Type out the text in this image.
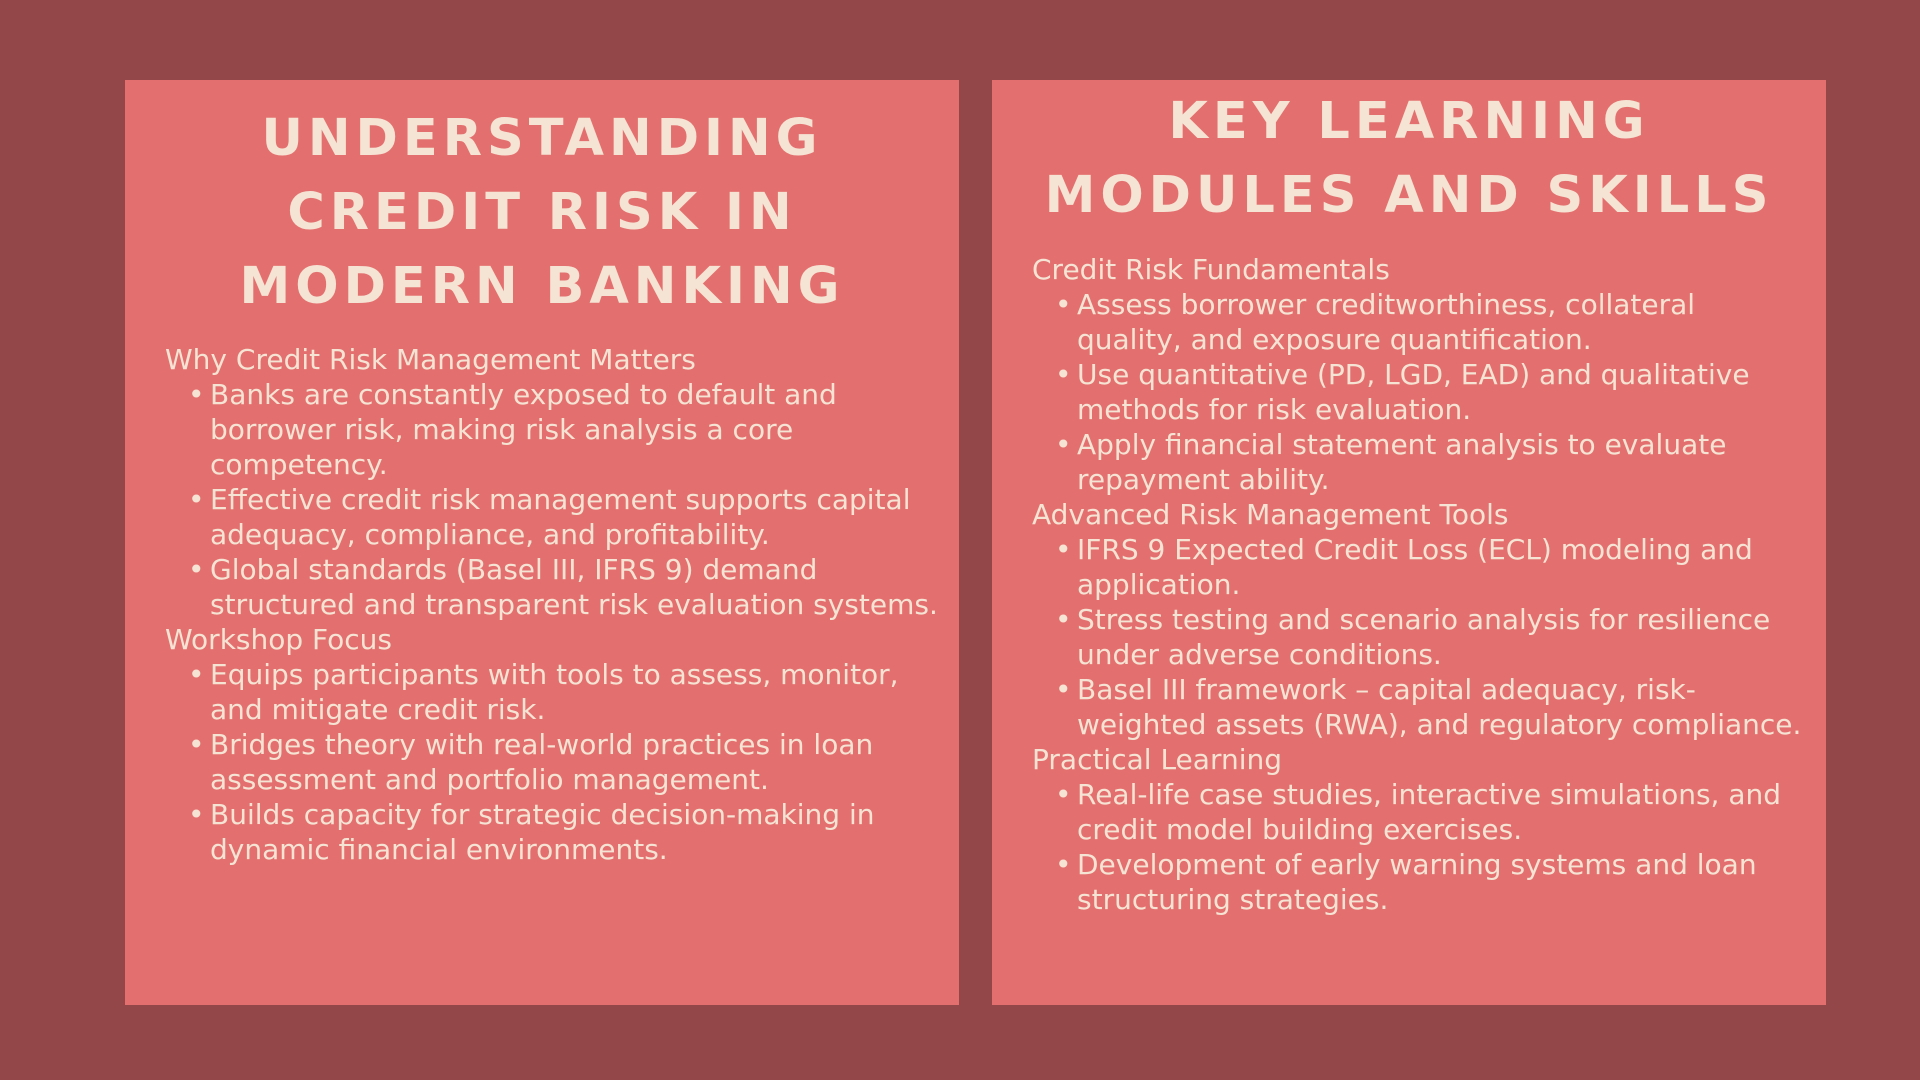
UNDERSTANDING CREDIT RISK IN MODERN BANKING
Why Credit Risk Management Matters
• Banks are constantly exposed to default and borrower risk, making risk analysis a core competency.
• Effective credit risk management supports capital adequacy, compliance, and profitability.
• Global standards (Basel III, IFRS 9) demand structured and transparent risk evaluation systems.
Workshop Focus
• Equips participants with tools to assess, monitor, and mitigate credit risk.
• Bridges theory with real-world practices in loan assessment and portfolio management.
• Builds capacity for strategic decision-making in dynamic financial environments.
KEY LEARNING MODULES AND SKILLS
Credit Risk Fundamentals
• Assess borrower creditworthiness, collateral quality, and exposure quantification.
• Use quantitative (PD, LGD, EAD) and qualitative methods for risk evaluation.
• Apply financial statement analysis to evaluate repayment ability.
Advanced Risk Management Tools
• IFRS 9 Expected Credit Loss (ECL) modeling and application.
• Stress testing and scenario analysis for resilience under adverse conditions.
• Basel III framework – capital adequacy, risk-weighted assets (RWA), and regulatory compliance.
Practical Learning
• Real-life case studies, interactive simulations, and credit model building exercises.
• Development of early warning systems and loan structuring strategies.
